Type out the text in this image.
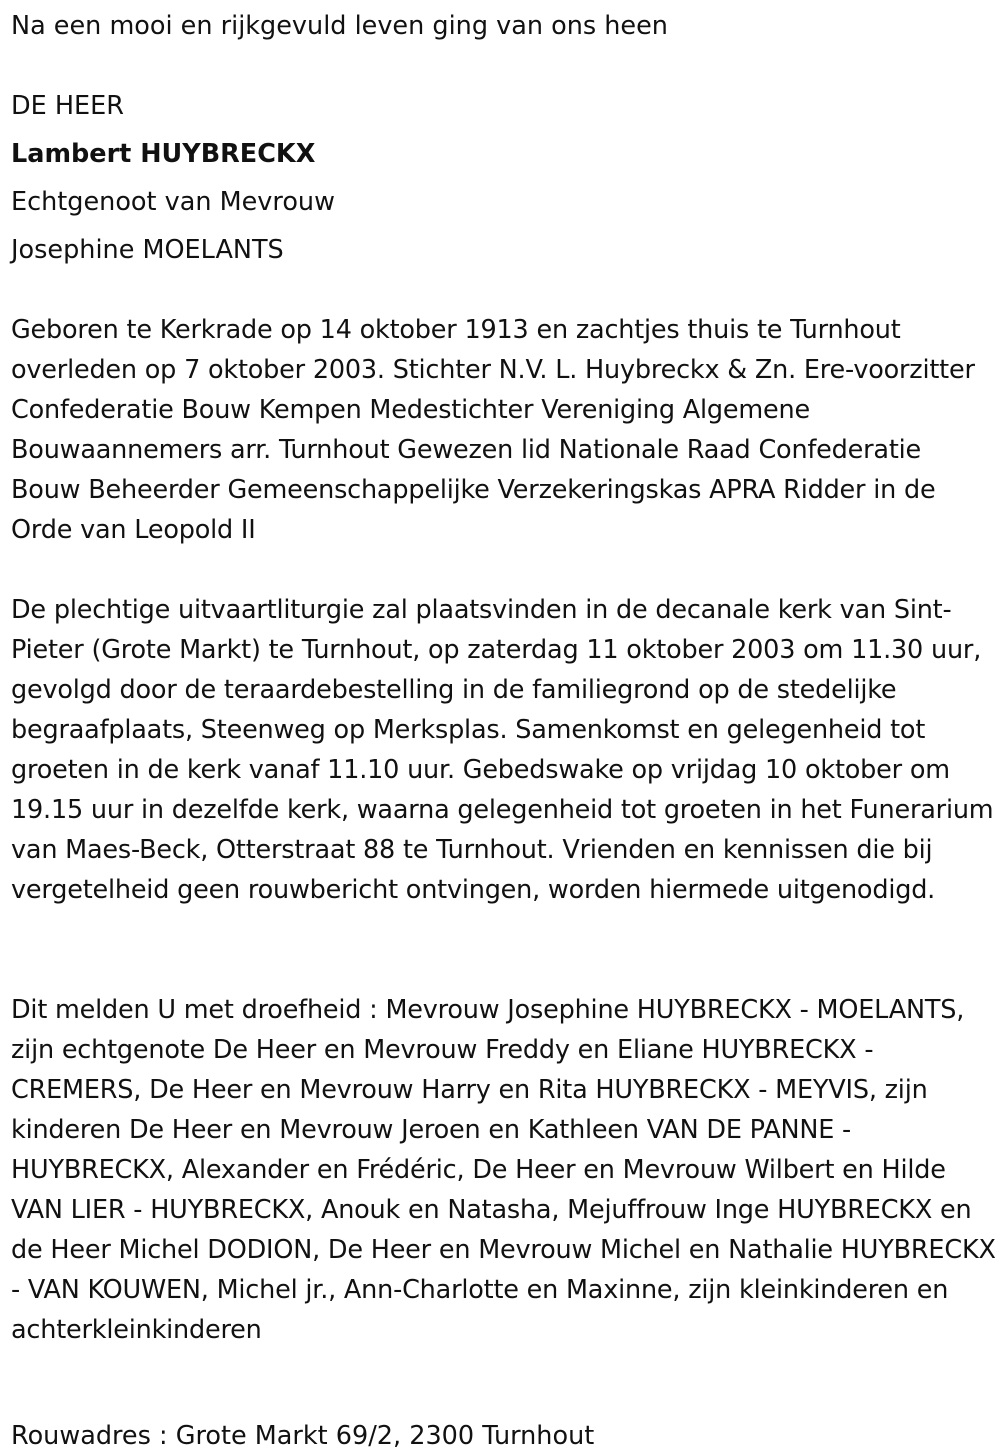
Na een mooi en rijkgevuld leven ging van ons heen

DE HEER

Lambert HUYBRECKX

Echtgenoot van Mevrouw

Josephine MOELANTS

Geboren te Kerkrade op 14 oktober 1913 en zachtjes thuis te Turnhout overleden op 7 oktober 2003. Stichter N.V. L. Huybreckx & Zn. Ere-voorzitter Confederatie Bouw Kempen Medestichter Vereniging Algemene Bouwaannemers arr. Turnhout Gewezen lid Nationale Raad Confederatie Bouw Beheerder Gemeenschappelijke Verzekeringskas APRA Ridder in de Orde van Leopold II

De plechtige uitvaartliturgie zal plaatsvinden in de decanale kerk van Sint-Pieter (Grote Markt) te Turnhout, op zaterdag 11 oktober 2003 om 11.30 uur, gevolgd door de teraardebestelling in de familiegrond op de stedelijke begraafplaats, Steenweg op Merksplas. Samenkomst en gelegenheid tot groeten in de kerk vanaf 11.10 uur. Gebedswake op vrijdag 10 oktober om 19.15 uur in dezelfde kerk, waarna gelegenheid tot groeten in het Funerarium van Maes-Beck, Otterstraat 88 te Turnhout. Vrienden en kennissen die bij vergetelheid geen rouwbericht ontvingen, worden hiermede uitgenodigd.

Dit melden U met droefheid : Mevrouw Josephine HUYBRECKX - MOELANTS, zijn echtgenote De Heer en Mevrouw Freddy en Eliane HUYBRECKX - CREMERS, De Heer en Mevrouw Harry en Rita HUYBRECKX - MEYVIS, zijn kinderen De Heer en Mevrouw Jeroen en Kathleen VAN DE PANNE - HUYBRECKX, Alexander en Frédéric, De Heer en Mevrouw Wilbert en Hilde VAN LIER - HUYBRECKX, Anouk en Natasha, Mejuffrouw Inge HUYBRECKX en de Heer Michel DODION, De Heer en Mevrouw Michel en Nathalie HUYBRECKX - VAN KOUWEN, Michel jr., Ann-Charlotte en Maxinne, zijn kleinkinderen en achterkleinkinderen

Rouwadres : Grote Markt 69/2, 2300 Turnhout
